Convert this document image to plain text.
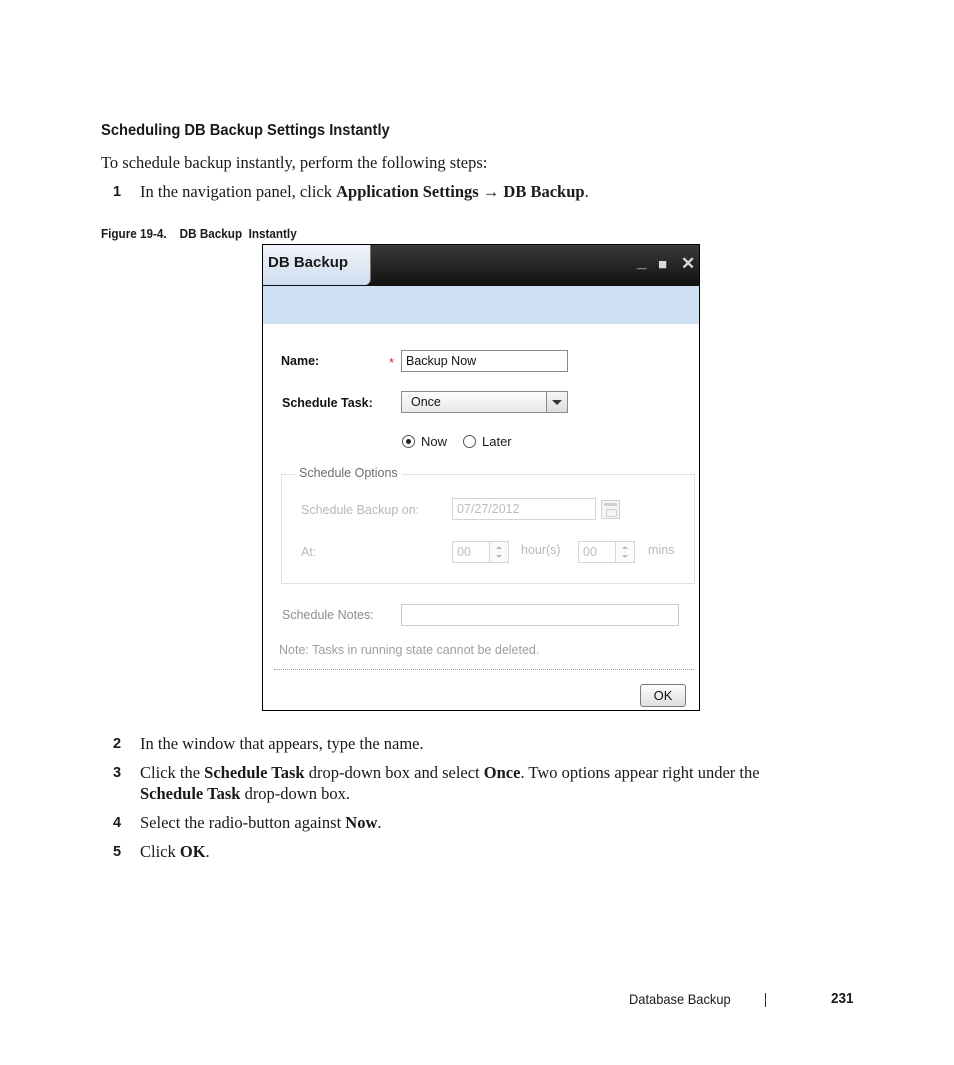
Scheduling DB Backup Settings Instantly
To schedule backup instantly, perform the following steps:
1 In the navigation panel, click Application Settings → DB Backup.
Figure 19-4.    DB Backup  Instantly
DB Backup	_ ■ ✕
Name:	* Backup Now
Schedule Task:	Once
Now	Later
Schedule Options
Schedule Backup on:	07/27/2012
At:	00	hour(s)	00	mins
Schedule Notes:
Note: Tasks in running state cannot be deleted.
OK
2 In the window that appears, type the name.
3 Click the Schedule Task drop-down box and select Once. Two options appear right under the
Schedule Task drop-down box.
4 Select the radio-button against Now.
5 Click OK.
Database Backup	231
